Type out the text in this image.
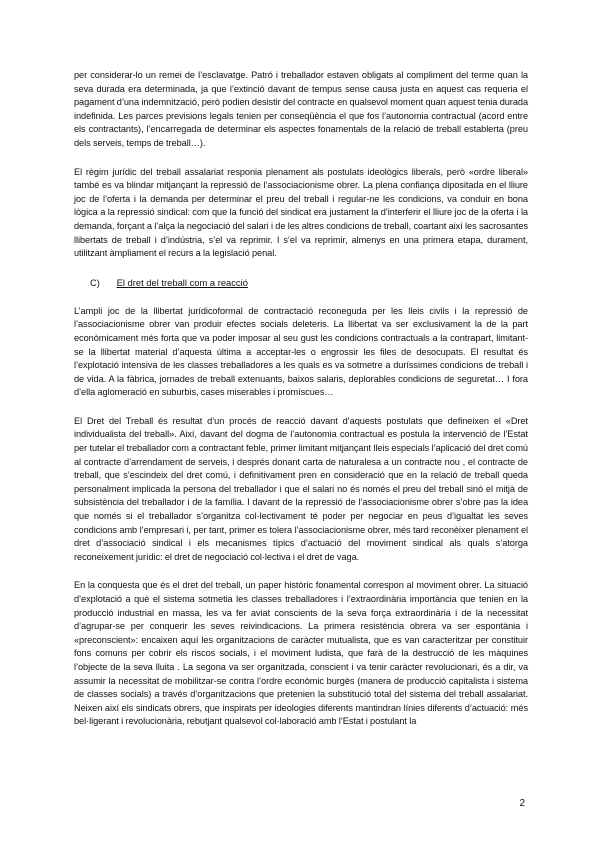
per considerar-lo un remei de l’esclavatge. Patró i treballador estaven obligats al compliment del terme quan la seva durada era determinada, ja que l’extinció davant de tempus sense causa justa en aquest cas requeria el pagament d’una indemnització, però podien desistir del contracte en qualsevol moment quan aquest tenia durada indefinida. Les parces previsions legals tenien per conseqüència el que fos l’autonomia contractual (acord entre els contractants), l’encarregada de determinar els aspectes fonamentals de la relació de treball establerta (preu dels serveis, temps de treball…).

El règim jurídic del treball assalariat responia plenament als postulats ideològics liberals, però «ordre liberal» també es va blindar mitjançant la repressió de l’associacionisme obrer. La plena confiança dipositada en el lliure joc de l’oferta i la demanda per determinar el preu del treball i regular-ne les condicions, va conduir en bona lògica a la repressió sindical: com que la funció del sindicat era justament la d’interferir el lliure joc de la oferta i la demanda, forçant a l’alça la negociació del salari i de les altres condicions de treball, coartant així les sacrosantes llibertats de treball i d’indústria, s’el va reprimir. I s’el va reprimir, almenys en una primera etapa, durament, utilitzant àmpliament el recurs a la legislació penal.

C) El dret del treball com a reacció

L’ampli joc de la llibertat jurídicoformal de contractació reconeguda per les lleis civils i la repressió de l’associacionisme obrer van produir efectes socials deleteris. La llibertat va ser exclusivament la de la part econòmicament més forta que va poder imposar al seu gust les condicions contractuals a la contrapart, limitant-se la llibertat material d’aquesta última a acceptar-les o engrossir les files de desocupats. El resultat és l’explotació intensiva de les classes treballadores a les quals es va sotmetre a duríssimes condicions de treball i de vida. A la fàbrica, jornades de treball extenuants, baixos salaris, deplorables condicions de seguretat… I fora d’ella aglomeració en suburbis, cases miserables i promíscues…

El Dret del Treball és resultat d’un procés de reacció davant d’aquests postulats que defineixen el «Dret individualista del treball». Així, davant del dogma de l’autonomia contractual es postula la intervenció de l’Estat per tutelar el treballador com a contractant feble, primer limitant mitjançant lleis especials l’aplicació del dret comú al contracte d’arrendament de serveis, i després donant carta de naturalesa a un contracte nou , el contracte de treball, que s’escindeix del dret comú, i definitivament pren en consideració que en la relació de treball queda personalment implicada la persona del treballador i que el salari no és només el preu del treball sinó el mitjà de subsistència del treballador i de la família. I davant de la repressió de l’associacionisme obrer s’obre pas la idea que només si el treballador s’organitza col·lectivament té poder per negociar en peus d’igualtat les seves condicions amb l’empresari i, per tant, primer es tolera l’associacionisme obrer, més tard reconèixer plenament el dret d’associació sindical i els mecanismes típics d’actuació del moviment sindical als quals s’atorga reconeixement jurídic: el dret de negociació col·lectiva i el dret de vaga.

En la conquesta que és el dret del treball, un paper històric fonamental correspon al moviment obrer. La situació d’explotació a què el sistema sotmetia les classes treballadores i l’extraordinària importància que tenien en la producció industrial en massa, les va fer aviat conscients de la seva força extraordinària i de la necessitat d’agrupar-se per conquerir les seves reivindicacions. La primera resistència obrera va ser espontània i «preconscient»: encaixen aquí les organitzacions de caràcter mutualista, que es van caracteritzar per constituir fons comuns per cobrir els riscos socials, i el moviment ludista, que farà de la destrucció de les màquines l’objecte de la seva lluita . La segona va ser organitzada, conscient i va tenir caràcter revolucionari, és a dir, va assumir la necessitat de mobilitzar-se contra l’ordre econòmic burgès (manera de producció capitalista i sistema de classes socials) a través d’organitzacions que pretenien la substitució total del sistema del treball assalariat. Neixen així els sindicats obrers, que inspirats per ideologies diferents mantindran línies diferents d’actuació: més bel·ligerant i revolucionària, rebutjant qualsevol col·laboració amb l’Estat i postulant la

2
